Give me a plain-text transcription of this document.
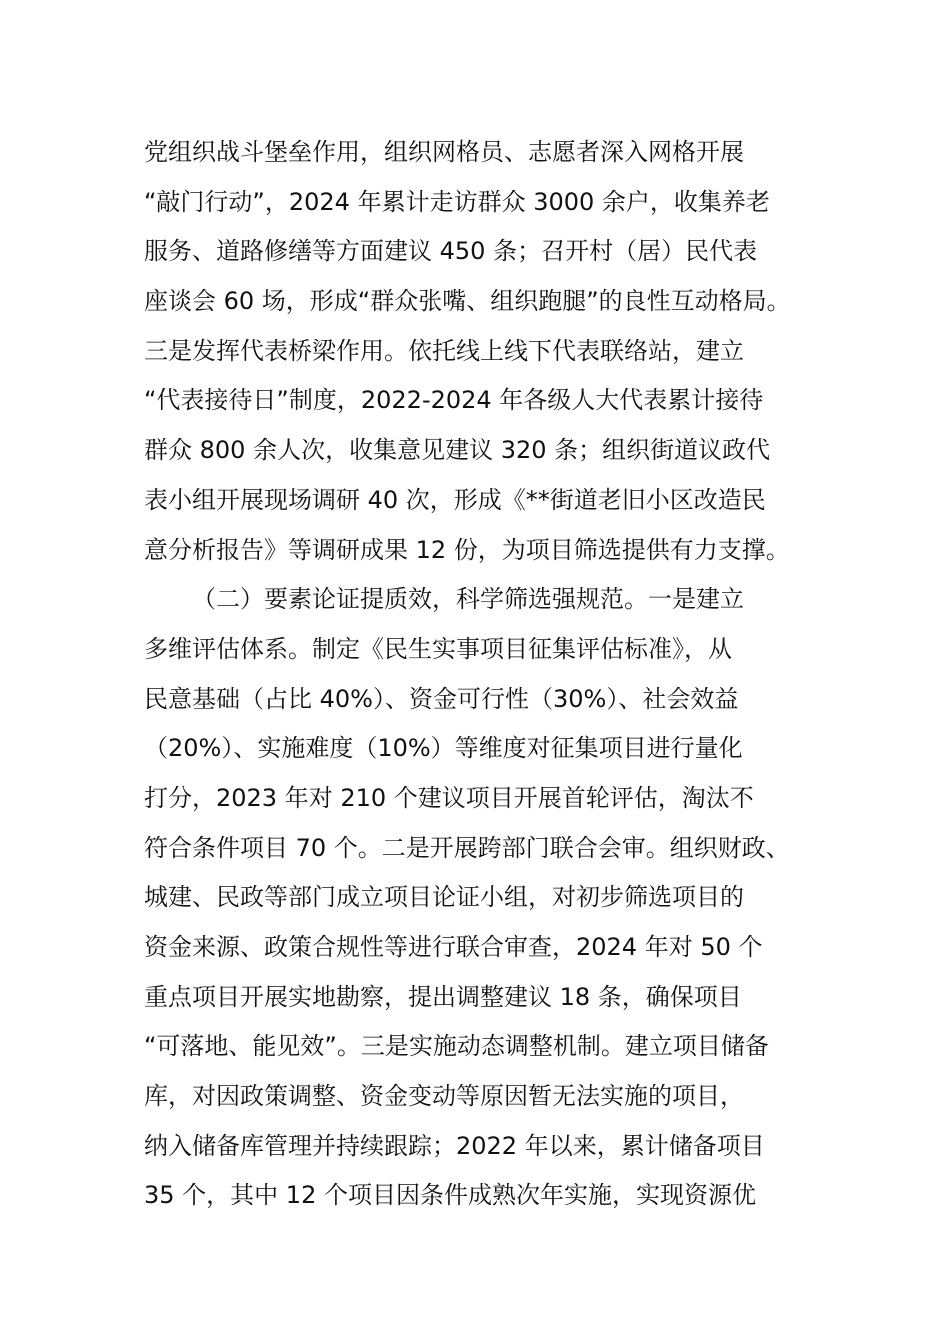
党组织战斗堡垒作用，组织网格员、志愿者深入网格开展
“敲门行动”，2024 年累计走访群众 3000 余户，收集养老
服务、道路修缮等方面建议 450 条；召开村（居）民代表
座谈会 60 场，形成“群众张嘴、组织跑腿”的良性互动格局。
三是发挥代表桥梁作用。依托线上线下代表联络站，建立
“代表接待日”制度，2022-2024 年各级人大代表累计接待
群众 800 余人次，收集意见建议 320 条；组织街道议政代
表小组开展现场调研 40 次，形成《**街道老旧小区改造民
意分析报告》等调研成果 12 份，为项目筛选提供有力支撑。
（二）要素论证提质效，科学筛选强规范。一是建立
多维评估体系。制定《民生实事项目征集评估标准》，从
民意基础（占比 40%）、资金可行性（30%）、社会效益
（20%）、实施难度（10%）等维度对征集项目进行量化
打分，2023 年对 210 个建议项目开展首轮评估，淘汰不
符合条件项目 70 个。二是开展跨部门联合会审。组织财政、
城建、民政等部门成立项目论证小组，对初步筛选项目的
资金来源、政策合规性等进行联合审查，2024 年对 50 个
重点项目开展实地勘察，提出调整建议 18 条，确保项目
“可落地、能见效”。三是实施动态调整机制。建立项目储备
库，对因政策调整、资金变动等原因暂无法实施的项目，
纳入储备库管理并持续跟踪；2022 年以来，累计储备项目
35 个，其中 12 个项目因条件成熟次年实施，实现资源优
